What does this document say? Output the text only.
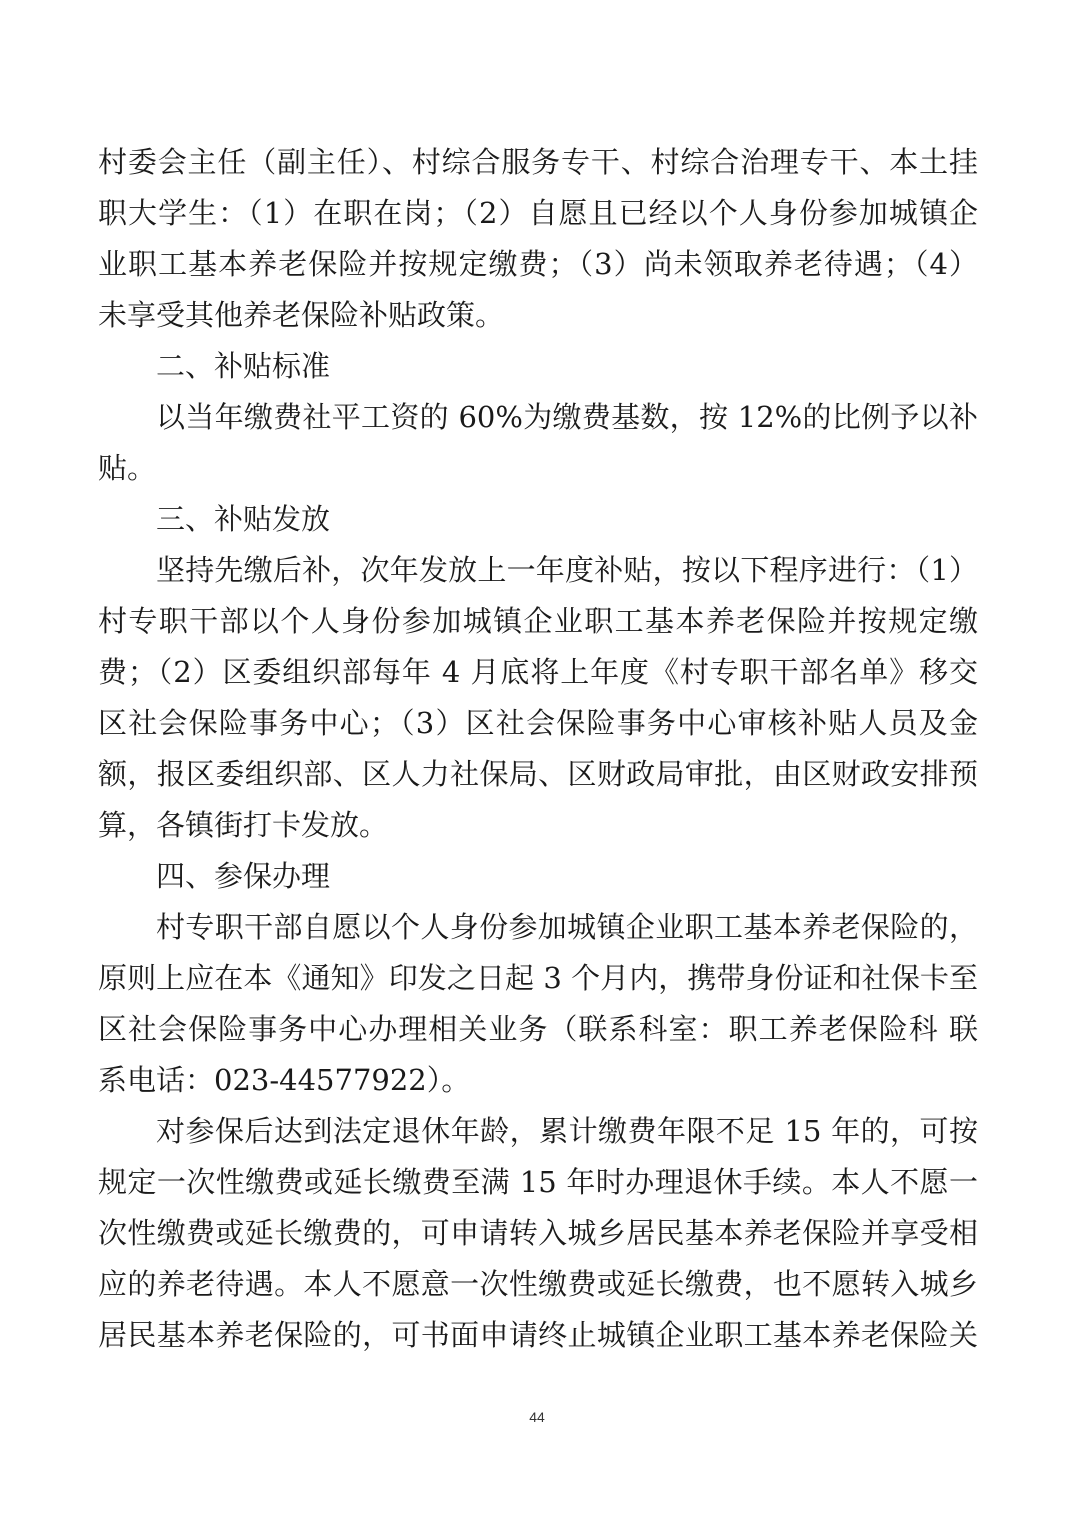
村委会主任（副主任）、村综合服务专干、村综合治理专干、本土挂
职大学生：（1）在职在岗；（2）自愿且已经以个人身份参加城镇企
业职工基本养老保险并按规定缴费；（3）尚未领取养老待遇；（4）
未享受其他养老保险补贴政策。
二、补贴标准
以当年缴费社平工资的 60%为缴费基数，按 12%的比例予以补
贴。
三、补贴发放
坚持先缴后补，次年发放上一年度补贴，按以下程序进行：（1）
村专职干部以个人身份参加城镇企业职工基本养老保险并按规定缴
费；（2）区委组织部每年 4 月底将上年度《村专职干部名单》移交
区社会保险事务中心；（3）区社会保险事务中心审核补贴人员及金
额，报区委组织部、区人力社保局、区财政局审批，由区财政安排预
算，各镇街打卡发放。
四、参保办理
村专职干部自愿以个人身份参加城镇企业职工基本养老保险的，
原则上应在本《通知》印发之日起 3 个月内，携带身份证和社保卡至
区社会保险事务中心办理相关业务（联系科室：职工养老保险科 联
系电话：023-44577922）。
对参保后达到法定退休年龄，累计缴费年限不足 15 年的，可按
规定一次性缴费或延长缴费至满 15 年时办理退休手续。本人不愿一
次性缴费或延长缴费的，可申请转入城乡居民基本养老保险并享受相
应的养老待遇。本人不愿意一次性缴费或延长缴费，也不愿转入城乡
居民基本养老保险的，可书面申请终止城镇企业职工基本养老保险关
44
